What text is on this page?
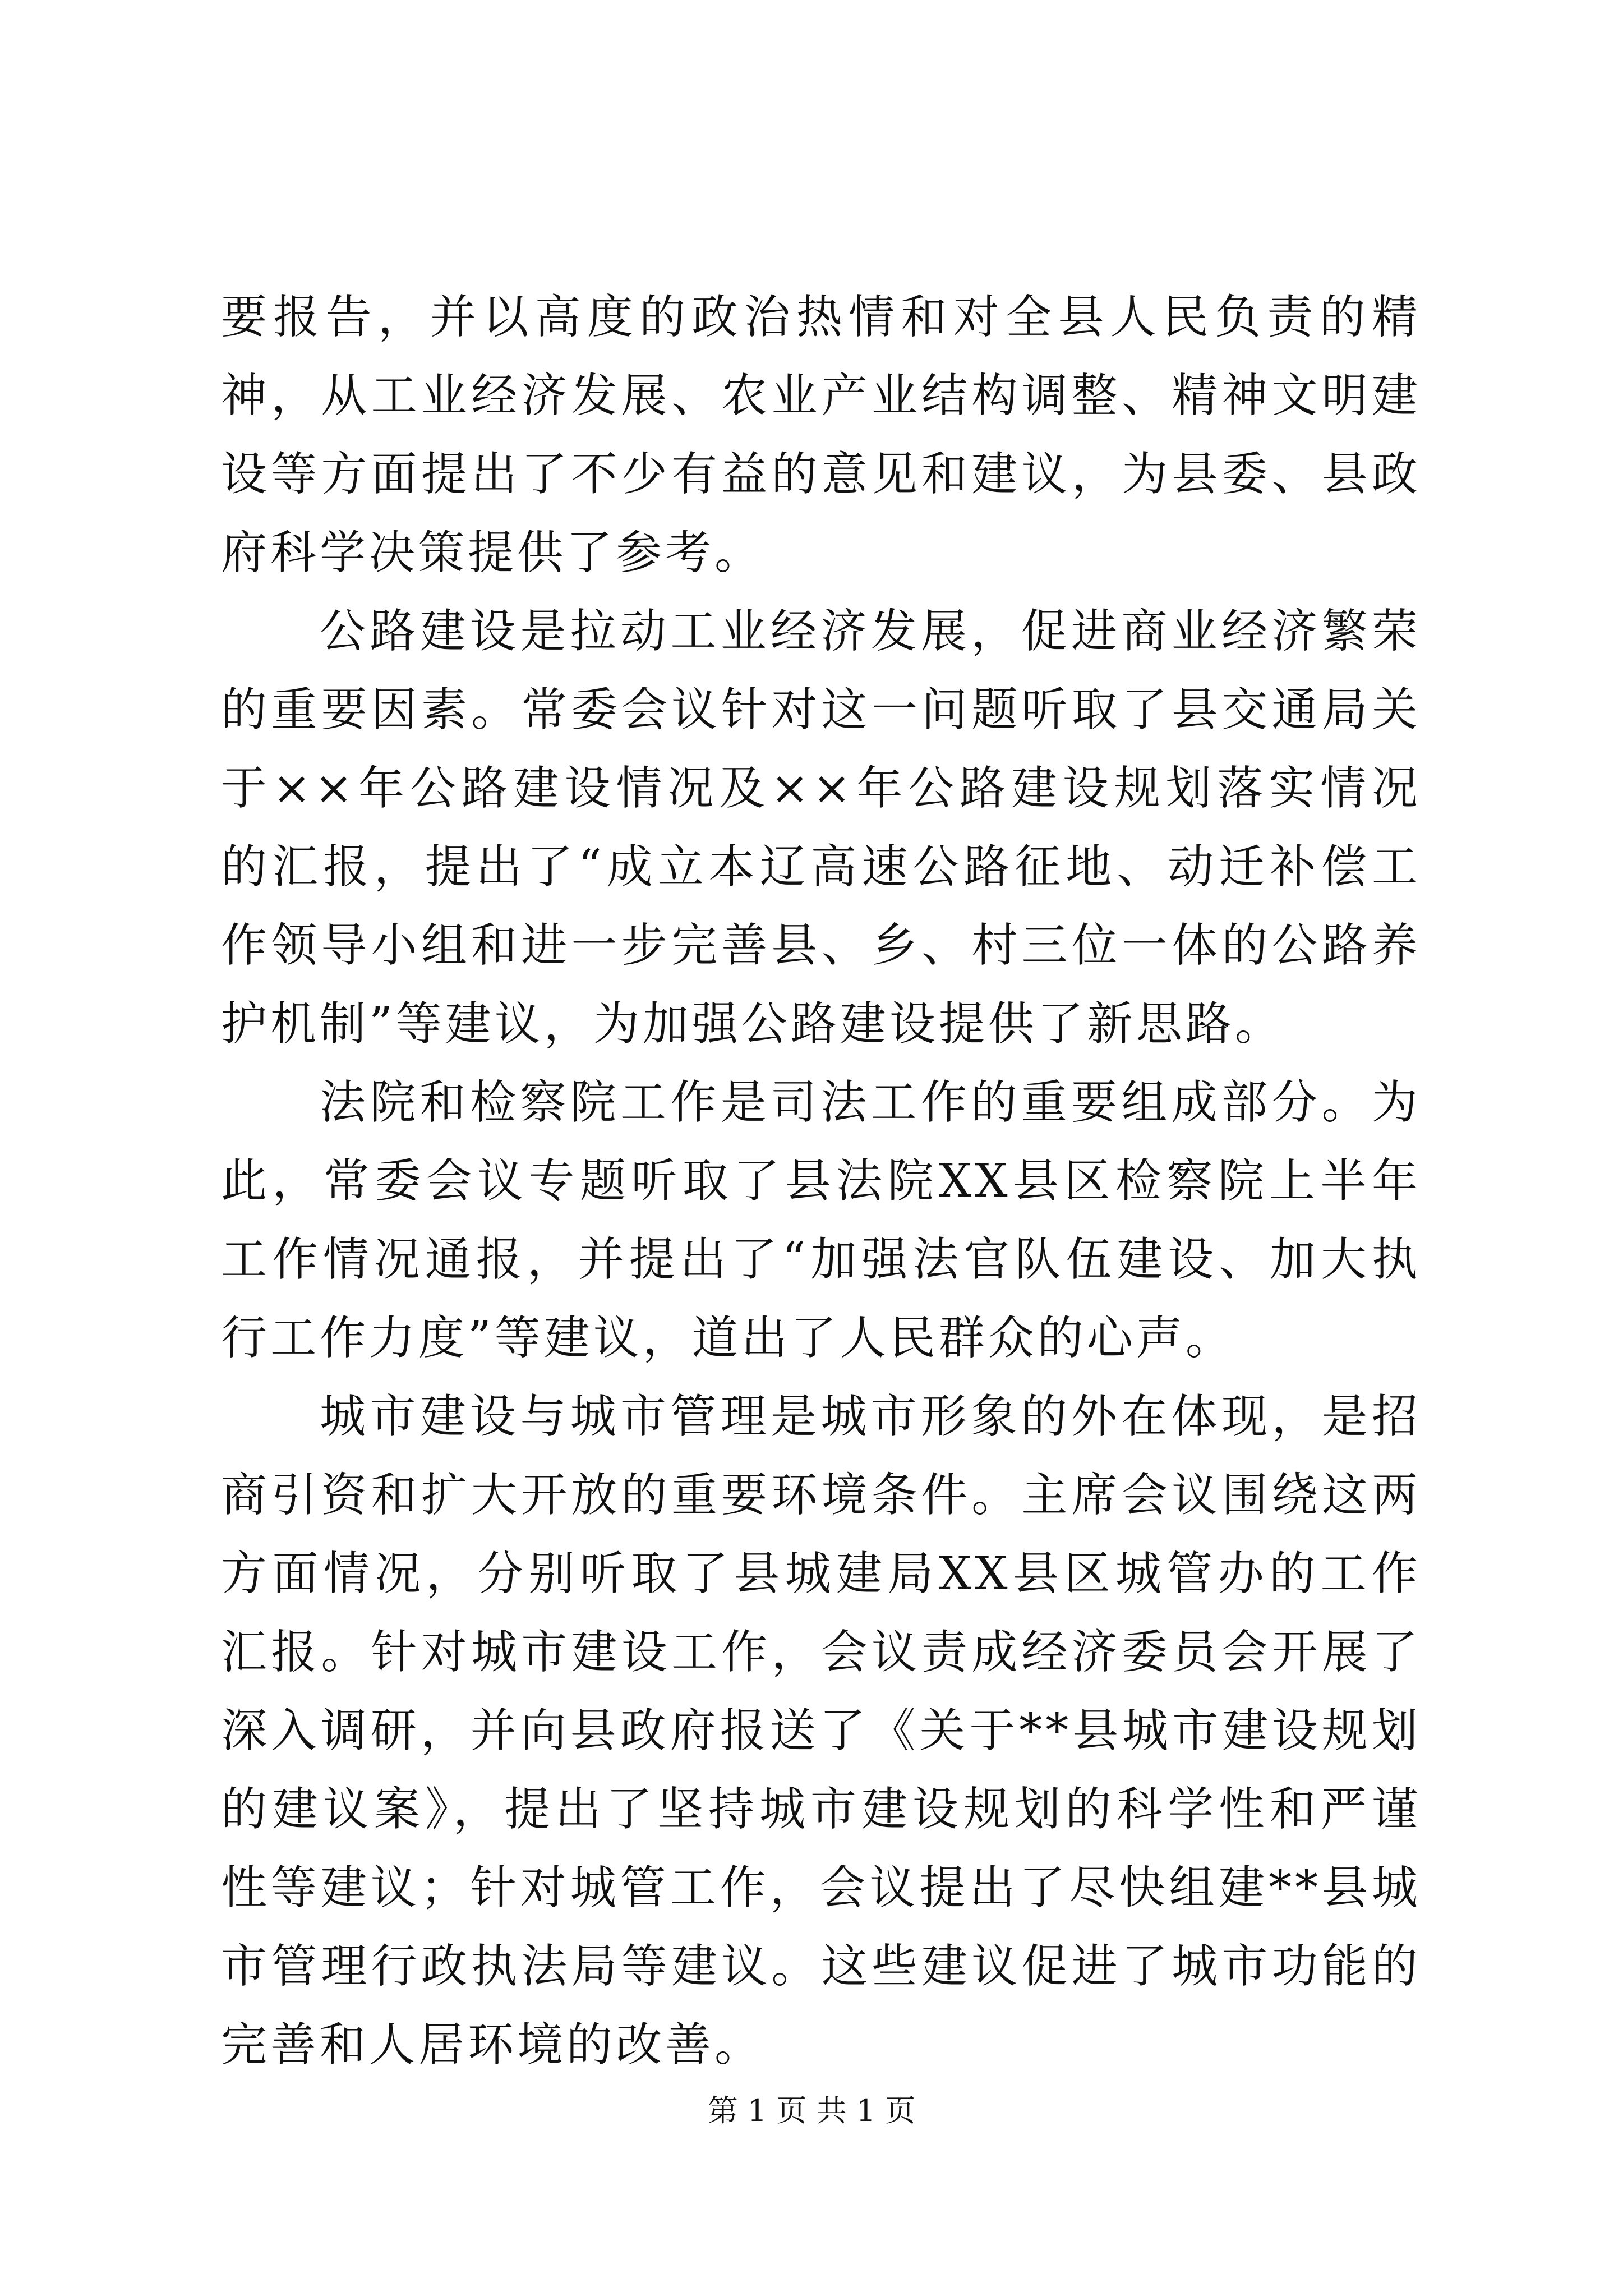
要报告，并以高度的政治热情和对全县人民负责的精神，从工业经济发展、农业产业结构调整、精神文明建设等方面提出了不少有益的意见和建议，为县委、县政府科学决策提供了参考。

公路建设是拉动工业经济发展，促进商业经济繁荣的重要因素。常委会议针对这一问题听取了县交通局关于××年公路建设情况及××年公路建设规划落实情况的汇报，提出了“成立本辽高速公路征地、动迁补偿工作领导小组和进一步完善县、乡、村三位一体的公路养护机制”等建议，为加强公路建设提供了新思路。

法院和检察院工作是司法工作的重要组成部分。为此，常委会议专题听取了县法院XX县区检察院上半年工作情况通报，并提出了“加强法官队伍建设、加大执行工作力度”等建议，道出了人民群众的心声。

城市建设与城市管理是城市形象的外在体现，是招商引资和扩大开放的重要环境条件。主席会议围绕这两方面情况，分别听取了县城建局XX县区城管办的工作汇报。针对城市建设工作，会议责成经济委员会开展了深入调研，并向县政府报送了《关于**县城市建设规划的建议案》，提出了坚持城市建设规划的科学性和严谨性等建议；针对城管工作，会议提出了尽快组建**县城市管理行政执法局等建议。这些建议促进了城市功能的完善和人居环境的改善。

第 1 页 共 1 页
